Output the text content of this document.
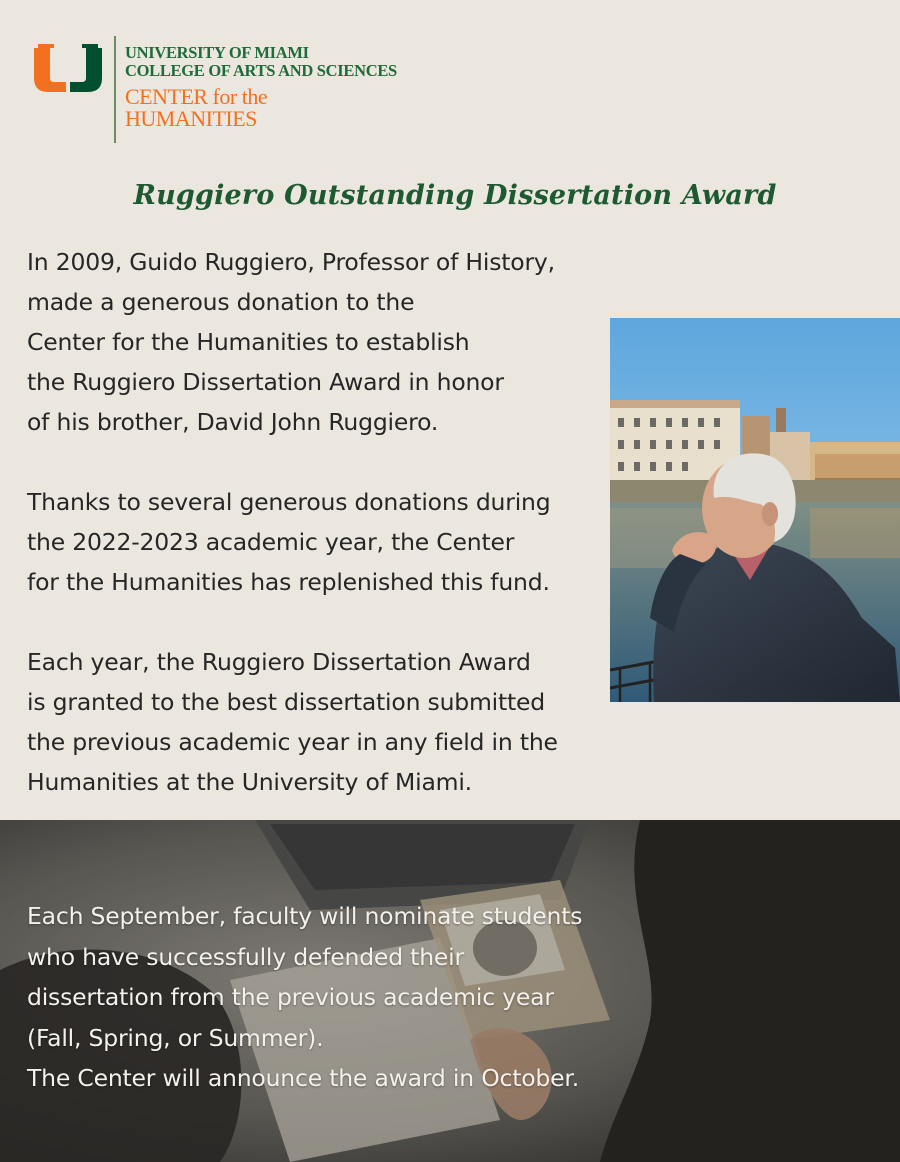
UNIVERSITY OF MIAMI
COLLEGE OF ARTS AND SCIENCES
CENTER for the
HUMANITIES
Ruggiero Outstanding Dissertation Award

In 2009, Guido Ruggiero, Professor of History,
made a generous donation to the
Center for the Humanities to establish
the Ruggiero Dissertation Award in honor
of his brother, David John Ruggiero.

Thanks to several generous donations during
the 2022-2023 academic year, the Center
for the Humanities has replenished this fund.

Each year, the Ruggiero Dissertation Award
is granted to the best dissertation submitted
the previous academic year in any field in the
Humanities at the University of Miami.

Each September, faculty will nominate students
who have successfully defended their
dissertation from the previous academic year
(Fall, Spring, or Summer).
The Center will announce the award in October.
